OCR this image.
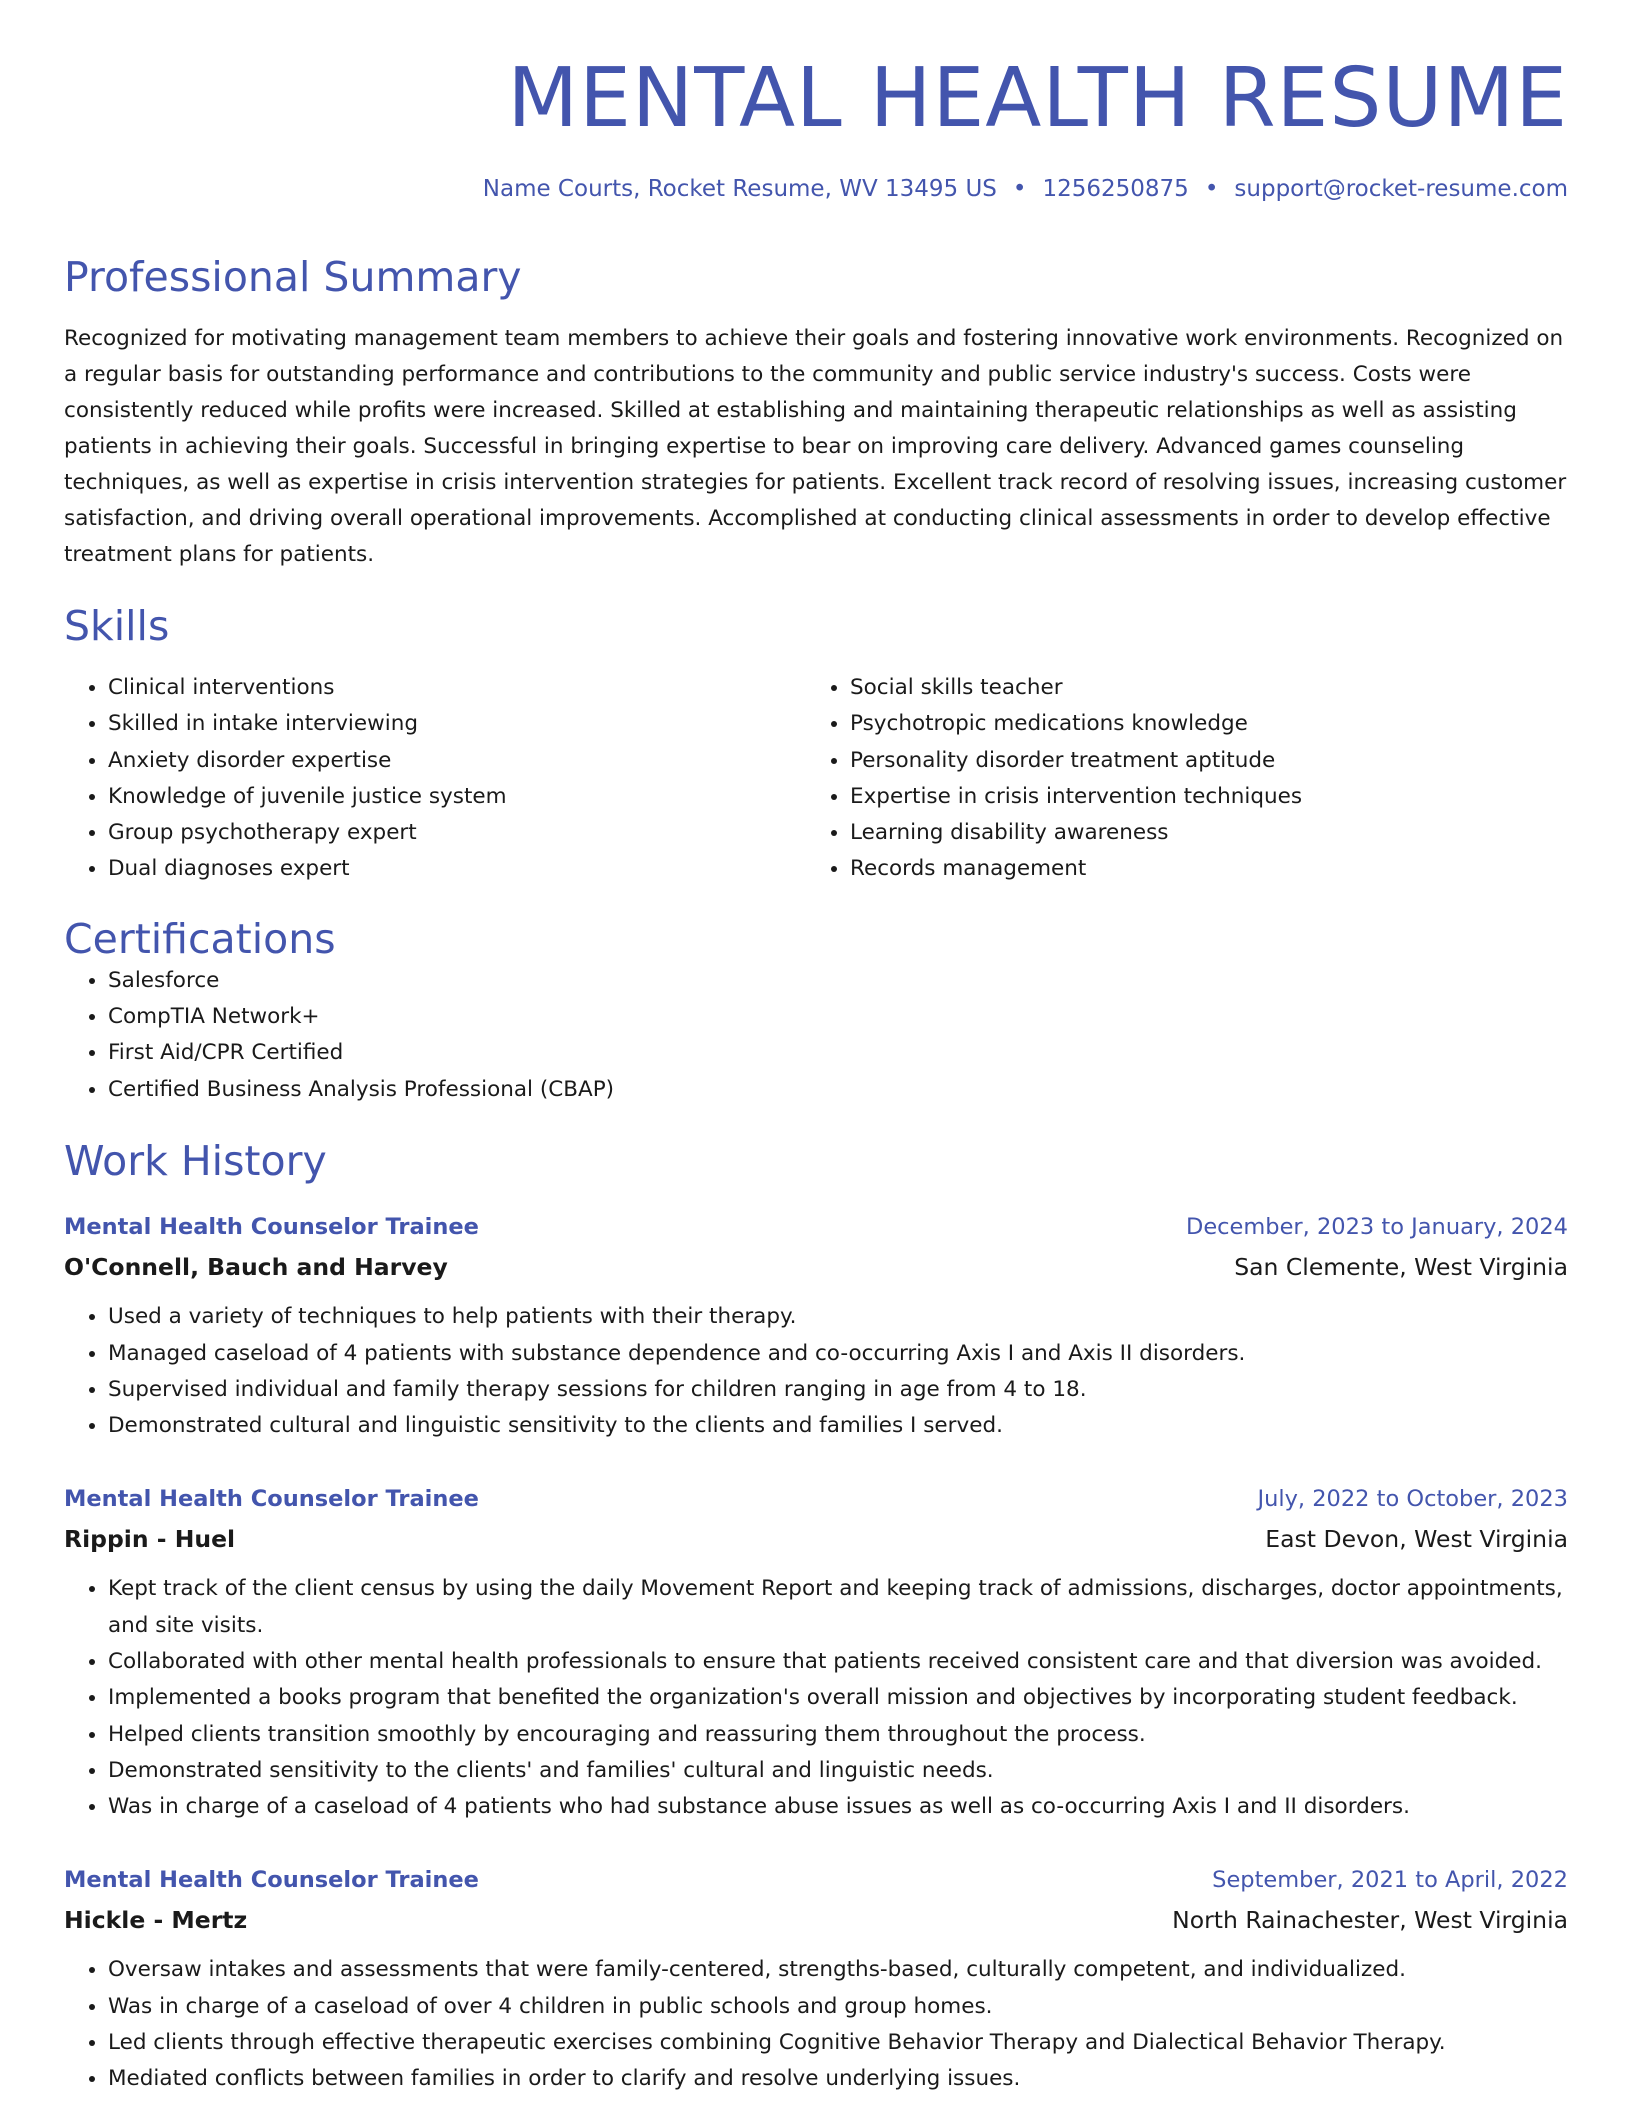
MENTAL HEALTH RESUME
Name Courts, Rocket Resume, WV 13495 US • 1256250875 • support@rocket-resume.com
Professional Summary

Recognized for motivating management team members to achieve their goals and fostering innovative work environments. Recognized on a regular basis for outstanding performance and contributions to the community and public service industry's success. Costs were consistently reduced while profits were increased. Skilled at establishing and maintaining therapeutic relationships as well as assisting patients in achieving their goals. Successful in bringing expertise to bear on improving care delivery. Advanced games counseling techniques, as well as expertise in crisis intervention strategies for patients. Excellent track record of resolving issues, increasing customer satisfaction, and driving overall operational improvements. Accomplished at conducting clinical assessments in order to develop effective treatment plans for patients.

Skills
• Clinical interventions
• Skilled in intake interviewing
• Anxiety disorder expertise
• Knowledge of juvenile justice system
• Group psychotherapy expert
• Dual diagnoses expert
• Social skills teacher
• Psychotropic medications knowledge
• Personality disorder treatment aptitude
• Expertise in crisis intervention techniques
• Learning disability awareness
• Records management
Certifications
• Salesforce
• CompTIA Network+
• First Aid/CPR Certified
• Certified Business Analysis Professional (CBAP)
Work History
Mental Health Counselor Trainee	December, 2023 to January, 2024
O'Connell, Bauch and Harvey	San Clemente, West Virginia
• Used a variety of techniques to help patients with their therapy.
• Managed caseload of 4 patients with substance dependence and co-occurring Axis I and Axis II disorders.
• Supervised individual and family therapy sessions for children ranging in age from 4 to 18.
• Demonstrated cultural and linguistic sensitivity to the clients and families I served.
Mental Health Counselor Trainee	July, 2022 to October, 2023
Rippin - Huel	East Devon, West Virginia
• Kept track of the client census by using the daily Movement Report and keeping track of admissions, discharges, doctor appointments, and site visits.
• Collaborated with other mental health professionals to ensure that patients received consistent care and that diversion was avoided.
• Implemented a books program that benefited the organization's overall mission and objectives by incorporating student feedback.
• Helped clients transition smoothly by encouraging and reassuring them throughout the process.
• Demonstrated sensitivity to the clients' and families' cultural and linguistic needs.
• Was in charge of a caseload of 4 patients who had substance abuse issues as well as co-occurring Axis I and II disorders.
Mental Health Counselor Trainee	September, 2021 to April, 2022
Hickle - Mertz	North Rainachester, West Virginia
• Oversaw intakes and assessments that were family-centered, strengths-based, culturally competent, and individualized.
• Was in charge of a caseload of over 4 children in public schools and group homes.
• Led clients through effective therapeutic exercises combining Cognitive Behavior Therapy and Dialectical Behavior Therapy.
• Mediated conflicts between families in order to clarify and resolve underlying issues.
